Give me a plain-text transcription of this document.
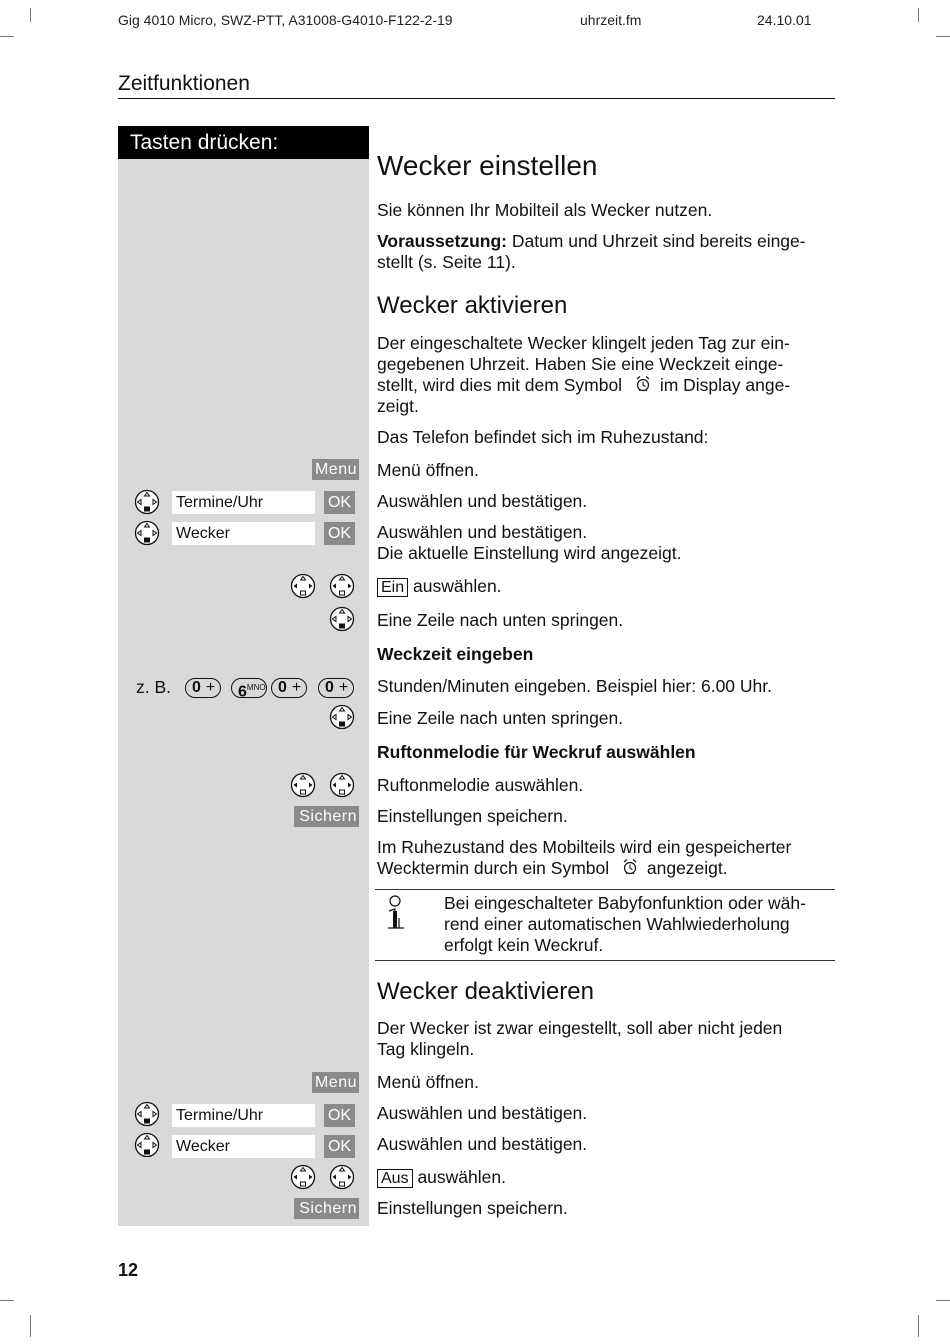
Gig 4010 Micro, SWZ-PTT, A31008-G4010-F122-2-19	uhrzeit.fm	24.10.01
Zeitfunktionen
Tasten drücken:
Wecker einstellen
Sie können Ihr Mobilteil als Wecker nutzen.
Voraussetzung: Datum und Uhrzeit sind bereits einge-
stellt (s. Seite 11).
Wecker aktivieren
Der eingeschaltete Wecker klingelt jeden Tag zur ein-
gegebenen Uhrzeit. Haben Sie eine Weckzeit einge-
stellt, wird dies mit dem Symbol im Display ange-
zeigt.
Das Telefon befindet sich im Ruhezustand:
Menu Menü öffnen.
Termine/Uhr	OK Auswählen und bestätigen.
Wecker	OK Auswählen und bestätigen.
Die aktuelle Einstellung wird angezeigt.
Ein auswählen.
Eine Zeile nach unten springen.
Weckzeit eingeben
z. B.	0 +	$6^{MNO}$ 0 +	0 +	Stunden/Minuten eingeben. Beispiel hier: 6.00 Uhr.
Eine Zeile nach unten springen.
Ruftonmelodie für Weckruf auswählen
Ruftonmelodie auswählen.
Sichern Einstellungen speichern.
Im Ruhezustand des Mobilteils wird ein gespeicherter
Wecktermin durch ein Symbol angezeigt.
Bei eingeschalteter Babyfonfunktion oder wäh-
rend einer automatischen Wahlwiederholung
erfolgt kein Weckruf.
Wecker deaktivieren
Der Wecker ist zwar eingestellt, soll aber nicht jeden
Tag klingeln.
Menu Menü öffnen.
Termine/Uhr	OK Auswählen und bestätigen.
Wecker	OK Auswählen und bestätigen.
Aus auswählen.
Sichern Einstellungen speichern.
12
